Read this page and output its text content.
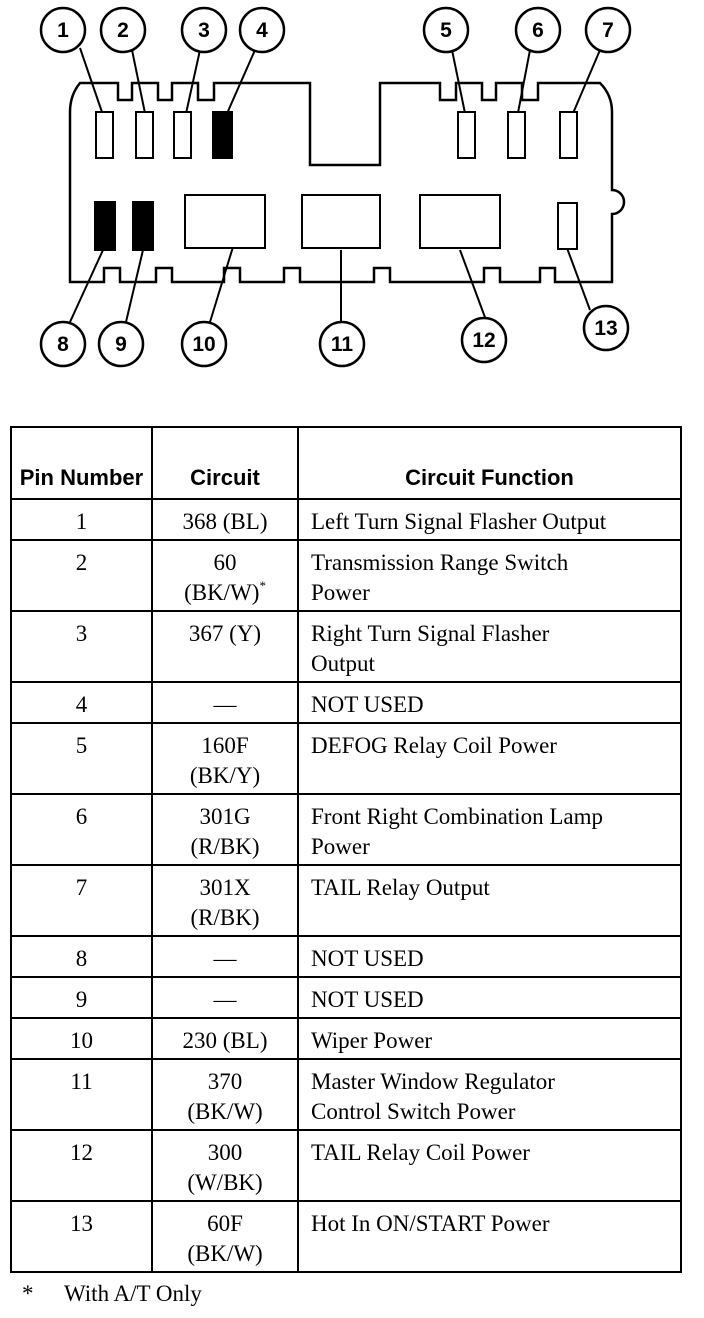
1 2	3 4	5	6	7
8 9	10	11	12
13
Pin Number	Circuit	Circuit Function
1	368 (BL)	Left Turn Signal Flasher Output

2	60
(BK/W)*	Transmission Range Switch
Power

3	367 (Y)	Right Turn Signal Flasher
Output

4	—	NOT USED

5	160F
(BK/Y)	DEFOG Relay Coil Power

6	301G
(R/BK)	Front Right Combination Lamp
Power

7	301X
(R/BK)	TAIL Relay Output

8	—	NOT USED

9	—	NOT USED

10	230 (BL)	Wiper Power

11	370
(BK/W)	Master Window Regulator
Control Switch Power

12	300
(W/BK)	TAIL Relay Coil Power

13	60F
(BK/W)	Hot In ON/START Power
* With A/T Only
